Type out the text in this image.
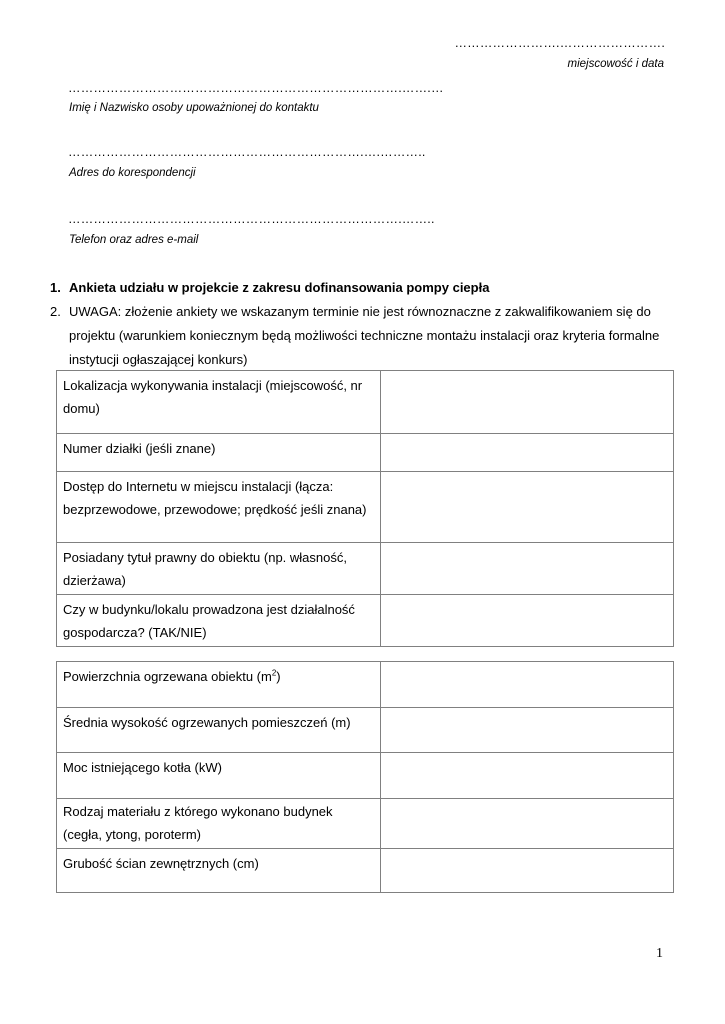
…………………….…………………….
miejscowość i data
…………………………………………………………………….…….…
Imię i Nazwisko osoby upoważnionej do kontaktu
…………………………………………………………….….………..
Adres do korespondencji
…………………………………………………………………….……..
Telefon oraz adres e-mail
1. Ankieta udziału w projekcie z zakresu dofinansowania pompy ciepła
2. UWAGA: złożenie ankiety we wskazanym terminie nie jest równoznaczne z zakwalifikowaniem się do projektu (warunkiem koniecznym będą możliwości techniczne montażu instalacji oraz kryteria formalne instytucji ogłaszającej konkurs)
Lokalizacja wykonywania instalacji (miejscowość, nr domu)	
Numer działki (jeśli znane)	
Dostęp do Internetu w miejscu instalacji (łącza: bezprzewodowe, przewodowe; prędkość jeśli znana)	
Posiadany tytuł prawny do obiektu (np. własność, dzierżawa)	
Czy w budynku/lokalu prowadzona jest działalność gospodarcza? (TAK/NIE)	
Powierzchnia ogrzewana obiektu $(m^2)$	
Średnia wysokość ogrzewanych pomieszczeń (m)	
Moc istniejącego kotła (kW)	
Rodzaj materiału z którego wykonano budynek (cegła, ytong, poroterm)	
Grubość ścian zewnętrznych (cm)	
1
